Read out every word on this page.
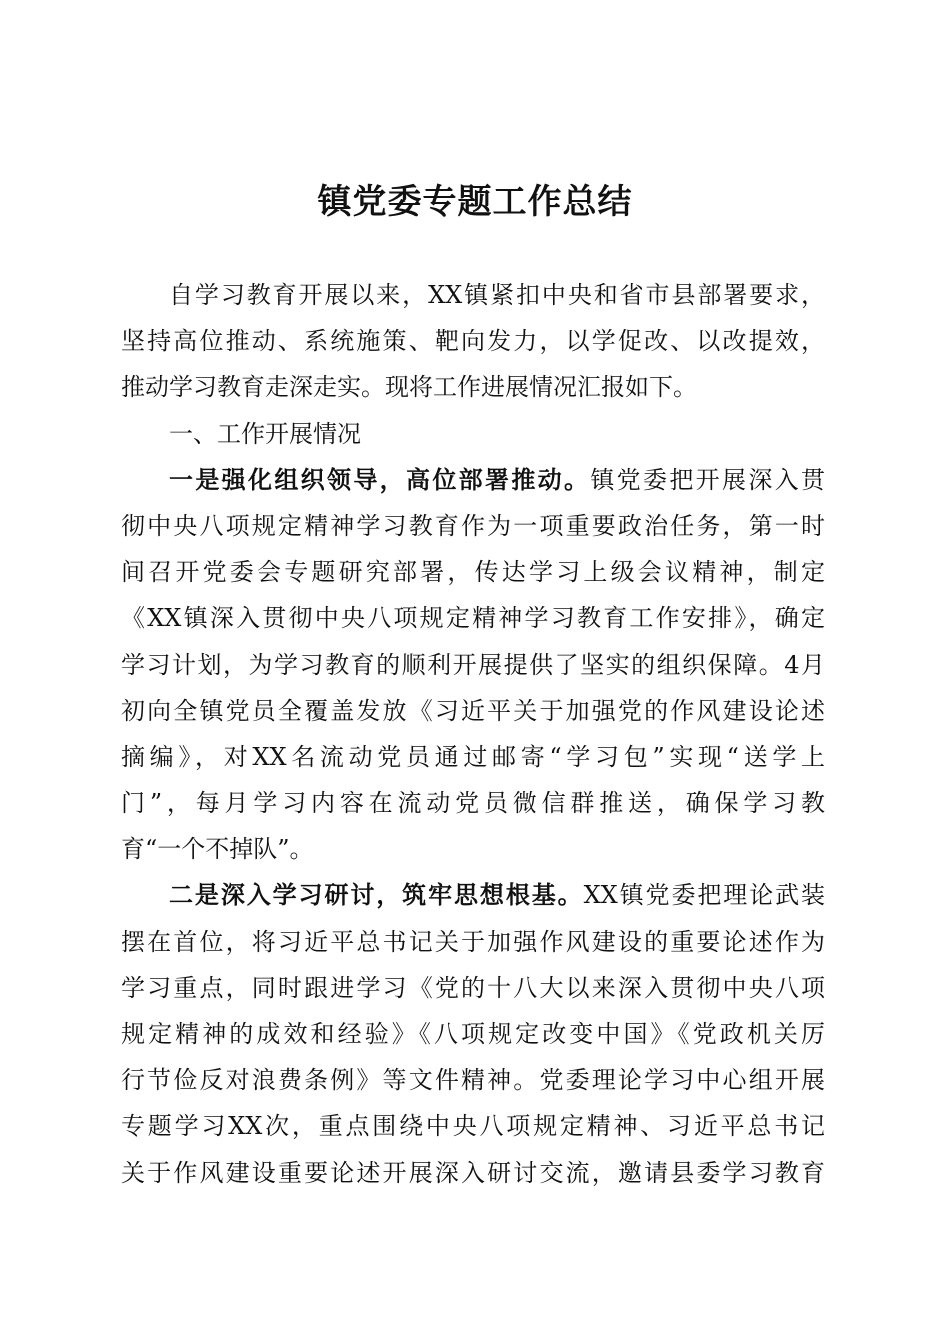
镇党委专题工作总结
自学习教育开展以来，XX镇紧扣中央和省市县部署要求，
坚持高位推动、系统施策、靶向发力，以学促改、以改提效，
推动学习教育走深走实。现将工作进展情况汇报如下。
一、工作开展情况
一是强化组织领导，高位部署推动。镇党委把开展深入贯
彻中央八项规定精神学习教育作为一项重要政治任务，第一时
间召开党委会专题研究部署，传达学习上级会议精神，制定
《XX镇深入贯彻中央八项规定精神学习教育工作安排》，确定
学习计划，为学习教育的顺利开展提供了坚实的组织保障。4月
初向全镇党员全覆盖发放《习近平关于加强党的作风建设论述
摘编》，对XX名流动党员通过邮寄“学习包”实现“送学上
门”，每月学习内容在流动党员微信群推送，确保学习教
育“一个不掉队”。
二是深入学习研讨，筑牢思想根基。XX镇党委把理论武装
摆在首位，将习近平总书记关于加强作风建设的重要论述作为
学习重点，同时跟进学习《党的十八大以来深入贯彻中央八项
规定精神的成效和经验》《八项规定改变中国》《党政机关厉
行节俭反对浪费条例》等文件精神。党委理论学习中心组开展
专题学习XX次，重点围绕中央八项规定精神、习近平总书记
关于作风建设重要论述开展深入研讨交流，邀请县委学习教育
